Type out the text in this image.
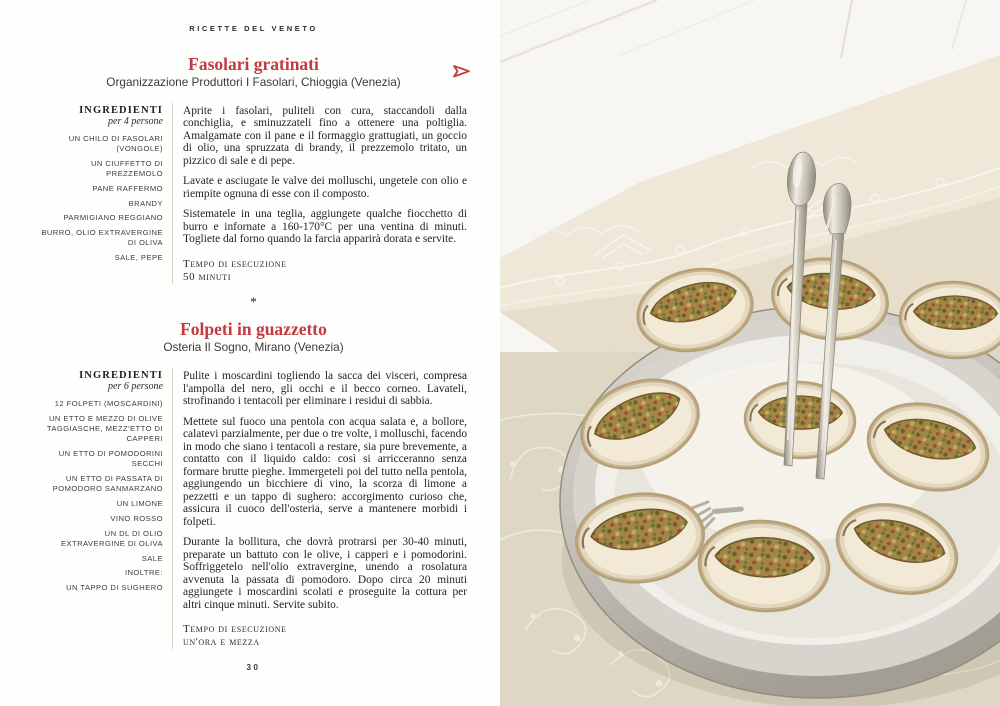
RICETTE DEL VENETO
Fasolari gratinati

Organizzazione Produttori I Fasolari, Chioggia (Venezia)

INGREDIENTI

per 4 persone

UN CHILO DI FASOLARI (VONGOLE)

UN CIUFFETTO DI PREZZEMOLO

PANE RAFFERMO

BRANDY

PARMIGIANO REGGIANO

BURRO, OLIO EXTRAVERGINE DI OLIVA

SALE, PEPE

Aprite i fasolari, puliteli con cura, staccandoli dalla conchiglia, e sminuzzateli fino a ottenere una poltiglia. Amalgamate con il pane e il formaggio grattugiati, un goccio di olio, una spruzzata di brandy, il prezzemolo tritato, un pizzico di sale e di pepe.

Lavate e asciugate le valve dei molluschi, ungetele con olio e riempite ognuna di esse con il composto.

Sistematele in una teglia, aggiungete qualche fiocchetto di burro e infornate a 160-170°C per una ventina di minuti. Togliete dal forno quando la farcia apparirà dorata e servite.

Tempo di esecuzione

50 minuti

*
Folpeti in guazzetto

Osteria Il Sogno, Mirano (Venezia)

INGREDIENTI

per 6 persone

12 FOLPETI (MOSCARDINI)

UN ETTO E MEZZO DI OLIVE TAGGIASCHE, MEZZ'ETTO DI CAPPERI

UN ETTO DI POMODORINI SECCHI

UN ETTO DI PASSATA DI POMODORO SANMARZANO

UN LIMONE

VINO ROSSO

UN DL DI OLIO EXTRAVERGINE DI OLIVA

SALE

INOLTRE:

UN TAPPO DI SUGHERO

Pulite i moscardini togliendo la sacca dei visceri, compresa l'ampolla del nero, gli occhi e il becco corneo. Lavateli, strofinando i tentacoli per eliminare i residui di sabbia.

Mettete sul fuoco una pentola con acqua salata e, a bollore, calatevi parzialmente, per due o tre volte, i molluschi, facendo in modo che siano i tentacoli a restare, sia pure brevemente, a contatto con il liquido caldo: così si arricceranno senza formare brutte pieghe. Immergeteli poi del tutto nella pentola, aggiungendo un bicchiere di vino, la scorza di limone a pezzetti e un tappo di sughero: accorgimento curioso che, assicura il cuoco dell'osteria, serve a mantenere morbidi i folpeti.

Durante la bollitura, che dovrà protrarsi per 30-40 minuti, preparate un battuto con le olive, i capperi e i pomodorini. Soffriggetelo nell'olio extravergine, unendo a rosolatura avvenuta la passata di pomodoro. Dopo circa 20 minuti aggiungete i moscardini scolati e proseguite la cottura per altri cinque minuti. Servite subito.

Tempo di esecuzione

un'ora e mezza

30
